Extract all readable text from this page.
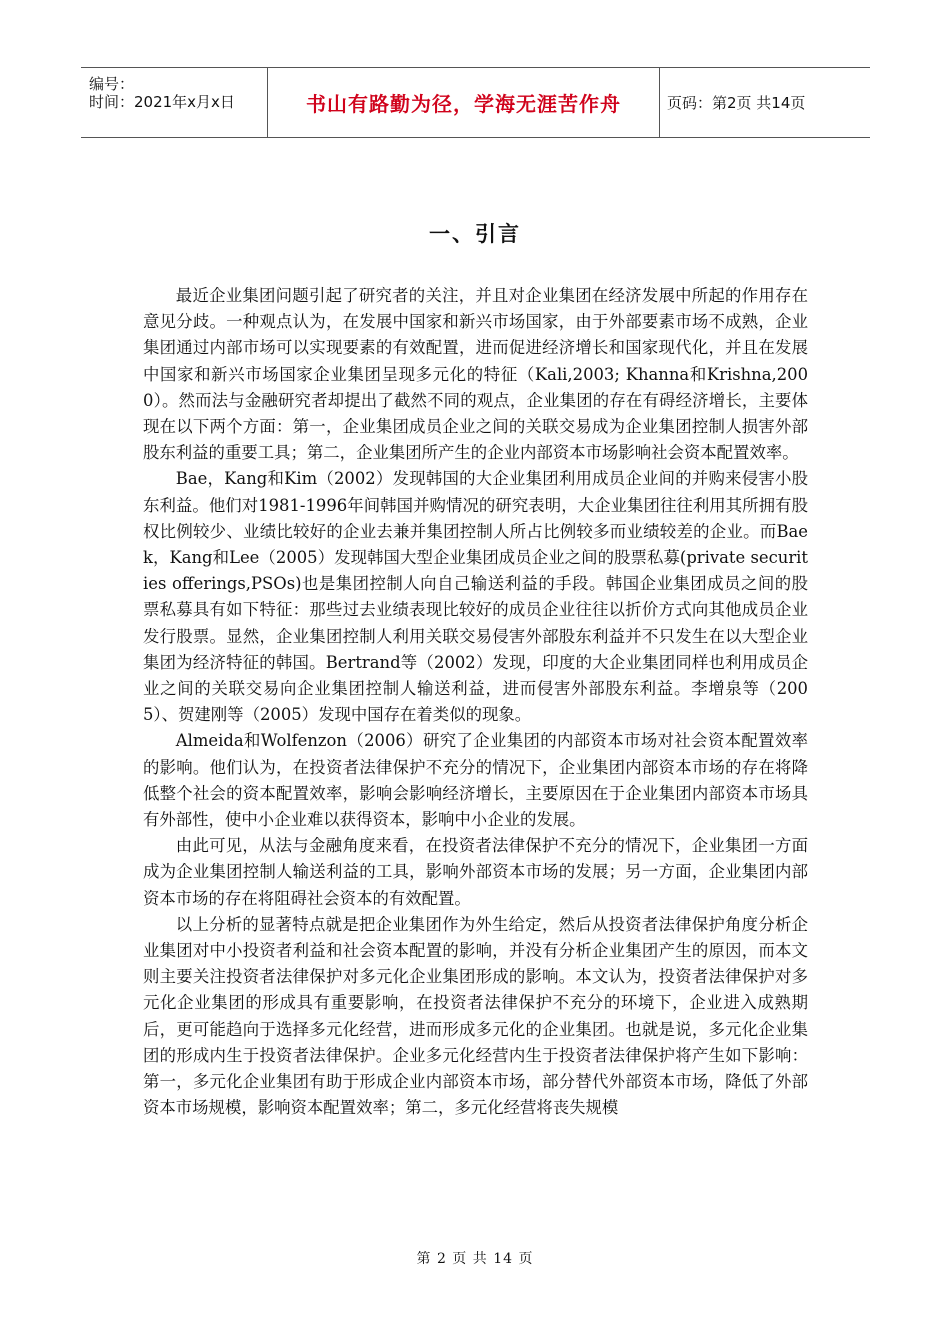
编号：
时间：2021年x月x日	书山有路勤为径，学海无涯苦作舟	页码：第2页 共14页
一、引言

最近企业集团问题引起了研究者的关注，并且对企业集团在经济发展中所起的作用存在意见分歧。一种观点认为，在发展中国家和新兴市场国家，由于外部要素市场不成熟，企业集团通过内部市场可以实现要素的有效配置，进而促进经济增长和国家现代化，并且在发展中国家和新兴市场国家企业集团呈现多元化的特征（Kali,2003; Khanna和Krishna,2000）。然而法与金融研究者却提出了截然不同的观点，企业集团的存在有碍经济增长，主要体现在以下两个方面：第一，企业集团成员企业之间的关联交易成为企业集团控制人损害外部股东利益的重要工具；第二，企业集团所产生的企业内部资本市场影响社会资本配置效率。

Bae，Kang和Kim（2002）发现韩国的大企业集团利用成员企业间的并购来侵害小股东利益。他们对1981-1996年间韩国并购情况的研究表明，大企业集团往往利用其所拥有股权比例较少、业绩比较好的企业去兼并集团控制人所占比例较多而业绩较差的企业。而Baek，Kang和Lee（2005）发现韩国大型企业集团成员企业之间的股票私募(private securities offerings,PSOs)也是集团控制人向自己输送利益的手段。韩国企业集团成员之间的股票私募具有如下特征：那些过去业绩表现比较好的成员企业往往以折价方式向其他成员企业发行股票。显然，企业集团控制人利用关联交易侵害外部股东利益并不只发生在以大型企业集团为经济特征的韩国。Bertrand等（2002）发现，印度的大企业集团同样也利用成员企业之间的关联交易向企业集团控制人输送利益，进而侵害外部股东利益。李增泉等（2005）、贺建刚等（2005）发现中国存在着类似的现象。

Almeida和Wolfenzon（2006）研究了企业集团的内部资本市场对社会资本配置效率的影响。他们认为，在投资者法律保护不充分的情况下，企业集团内部资本市场的存在将降低整个社会的资本配置效率，影响会影响经济增长，主要原因在于企业集团内部资本市场具有外部性，使中小企业难以获得资本，影响中小企业的发展。

由此可见，从法与金融角度来看，在投资者法律保护不充分的情况下，企业集团一方面成为企业集团控制人输送利益的工具，影响外部资本市场的发展；另一方面，企业集团内部资本市场的存在将阻碍社会资本的有效配置。

以上分析的显著特点就是把企业集团作为外生给定，然后从投资者法律保护角度分析企业集团对中小投资者利益和社会资本配置的影响，并没有分析企业集团产生的原因，而本文则主要关注投资者法律保护对多元化企业集团形成的影响。本文认为，投资者法律保护对多元化企业集团的形成具有重要影响，在投资者法律保护不充分的环境下，企业进入成熟期后，更可能趋向于选择多元化经营，进而形成多元化的企业集团。也就是说，多元化企业集团的形成内生于投资者法律保护。企业多元化经营内生于投资者法律保护将产生如下影响：第一，多元化企业集团有助于形成企业内部资本市场，部分替代外部资本市场，降低了外部资本市场规模，影响资本配置效率；第二，多元化经营将丧失规模

第 2 页 共 14 页
